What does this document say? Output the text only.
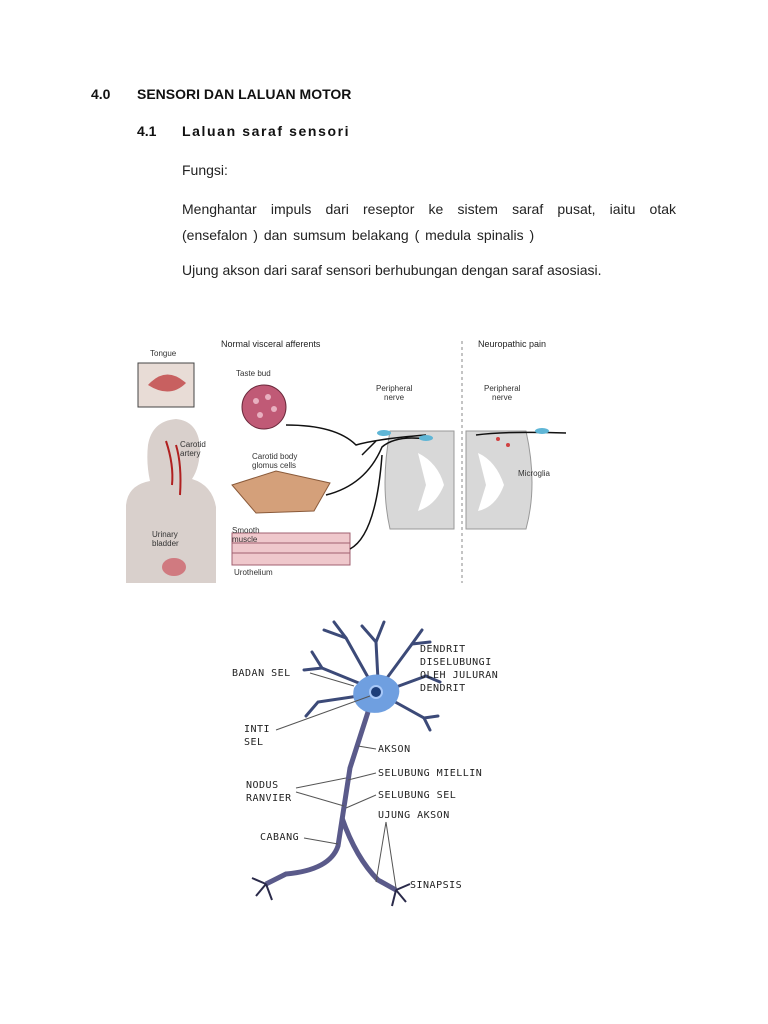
4.0 SENSORI DAN LALUAN MOTOR
4.1 Laluan saraf sensori
Fungsi:
Menghantar impuls dari reseptor ke sistem saraf pusat, iaitu otak
(ensefalon ) dan sumsum belakang ( medula spinalis )
Ujung akson dari saraf sensori berhubungan dengan saraf asosiasi.
Normal visceral afferents	Neuropathic pain
Tongue
Taste bud
Carotid
artery	Carotid body
glomus cells
Smooth
muscle
Urothelium
Urinary
bladder
Peripheral
nerve
Peripheral
nerve
Microglia
BADAN SEL
DENDRIT
DISELUBUNGI
OLEH JULURAN
DENDRIT
INTI
SEL
AKSON
NODUS
RANVIER
SELUBUNG MIELLIN
SELUBUNG SEL
UJUNG AKSON
CABANG
SINAPSIS
